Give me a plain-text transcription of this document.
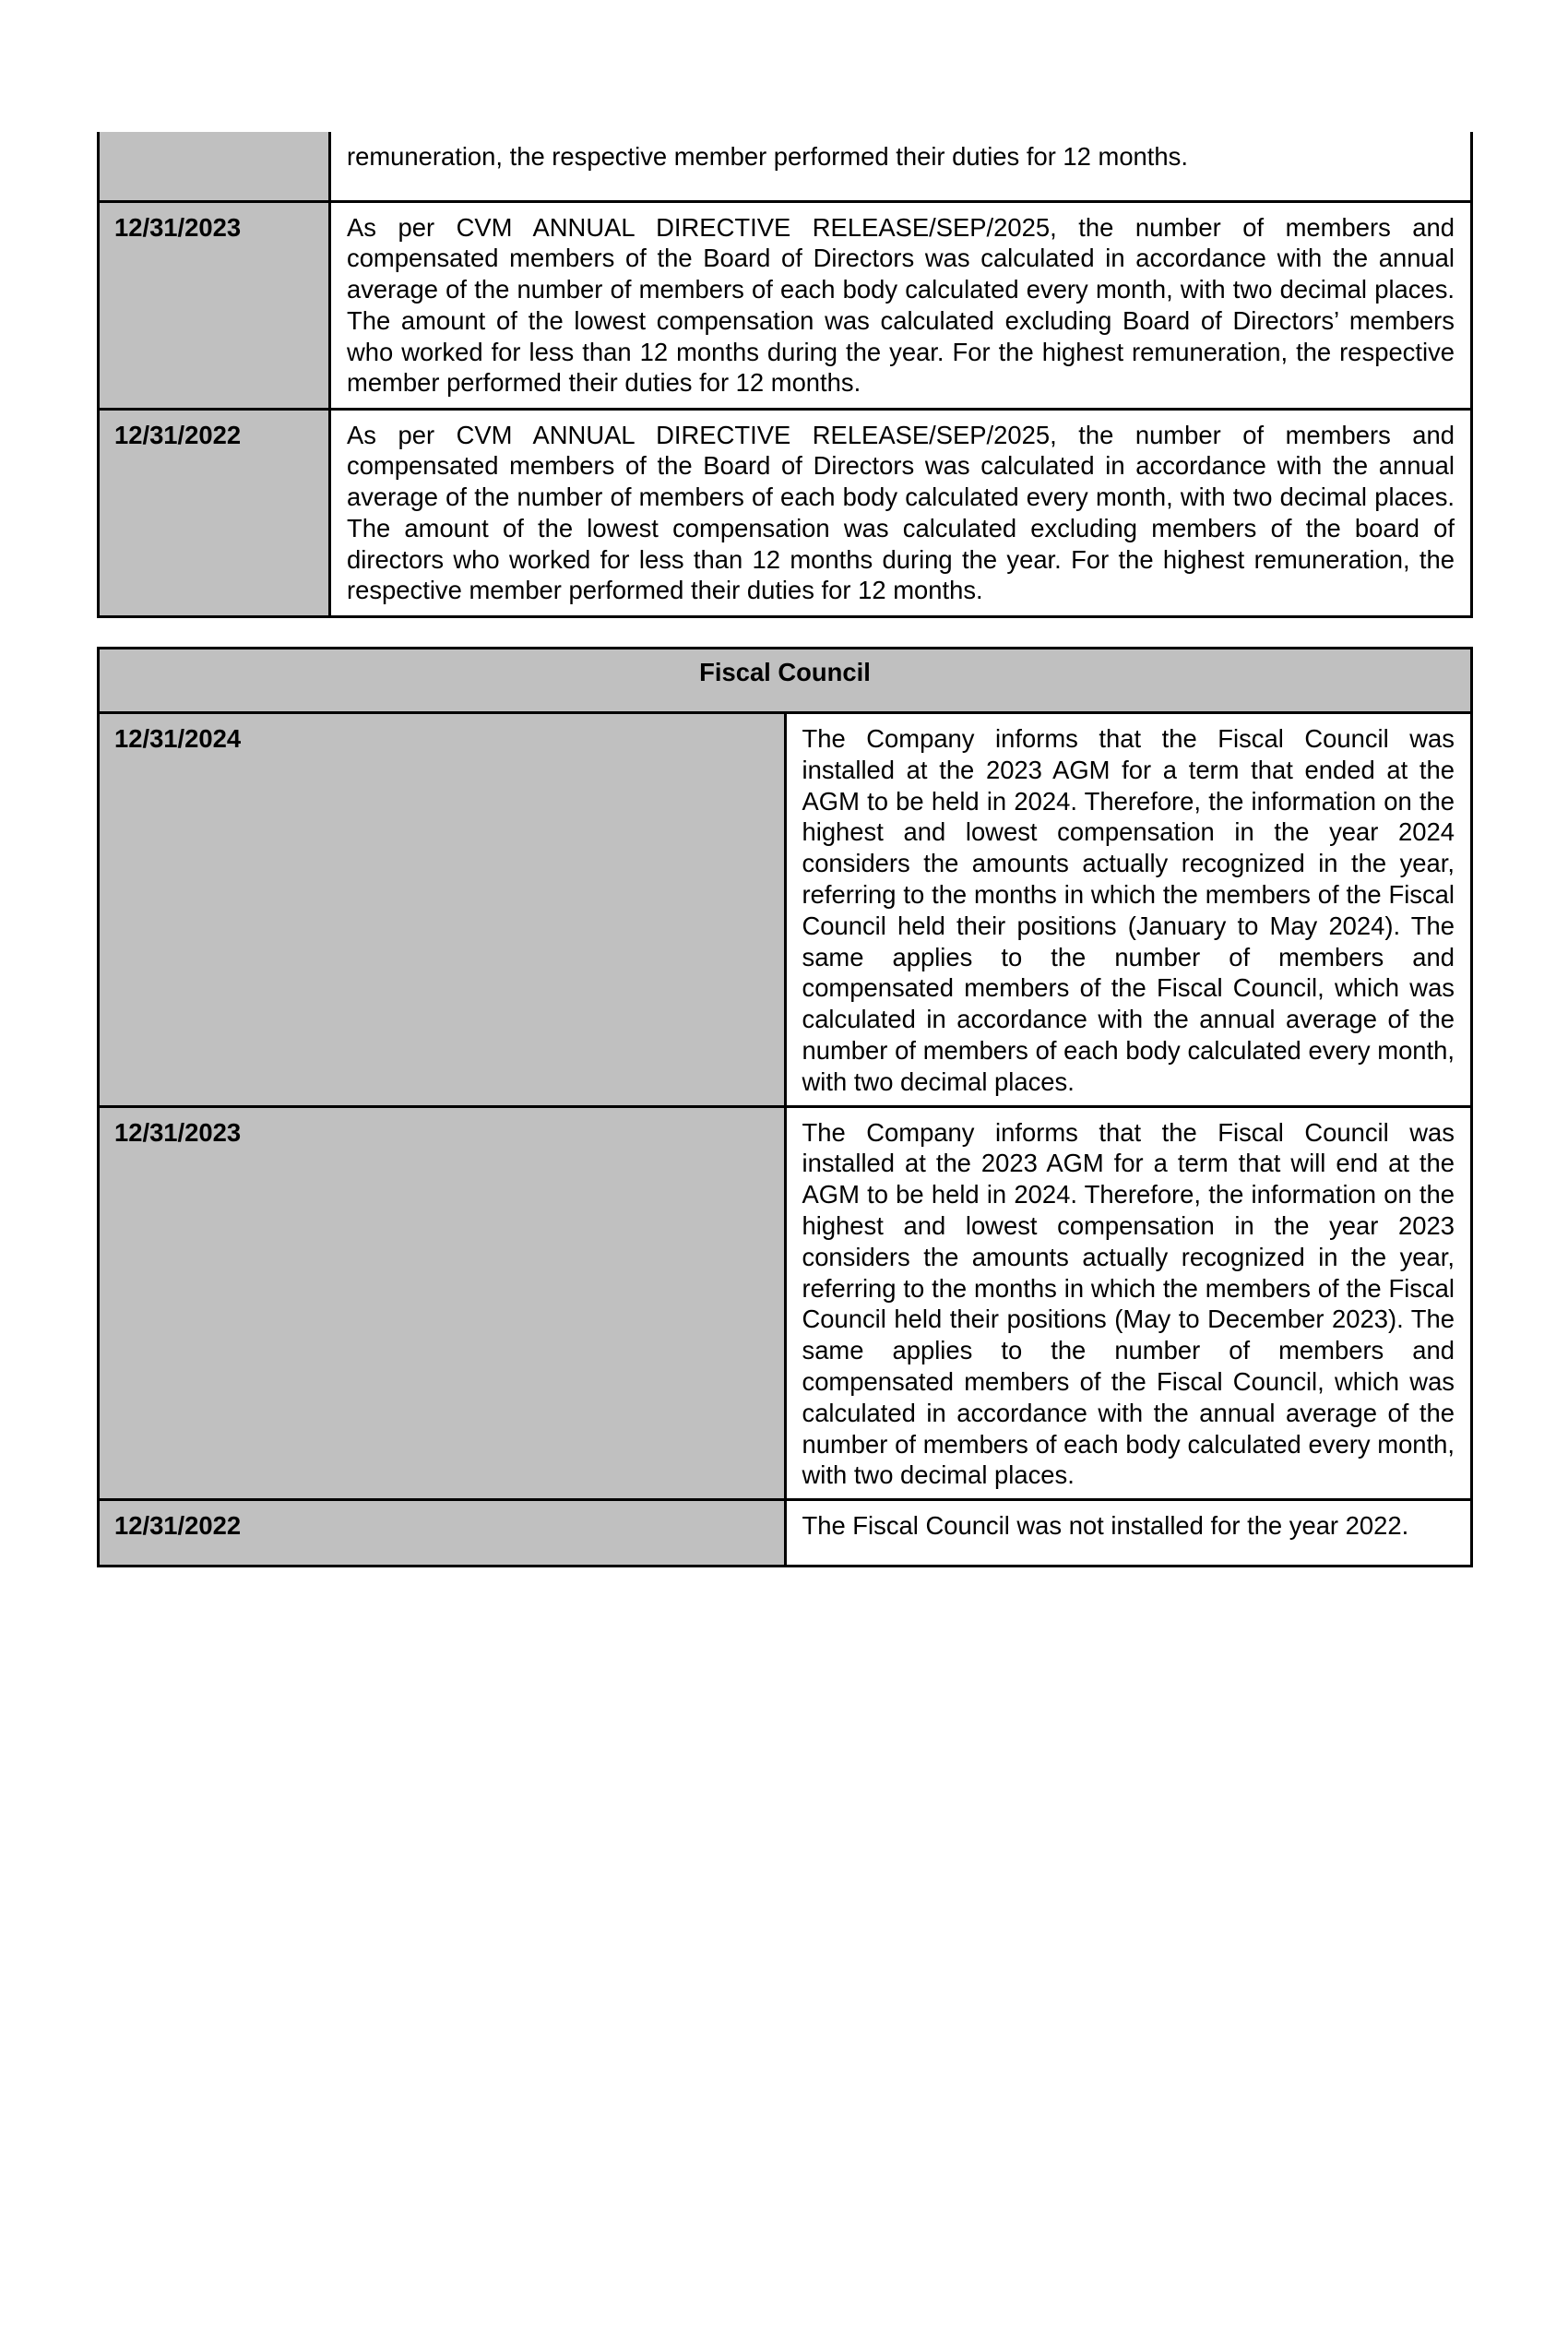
	remuneration, the respective member performed their duties for 12 months.
12/31/2023	As per CVM ANNUAL DIRECTIVE RELEASE/SEP/2025, the number of members and compensated members of the Board of Directors was calculated in accordance with the annual average of the number of members of each body calculated every month, with two decimal places. The amount of the lowest compensation was calculated excluding Board of Directors’ members who worked for less than 12 months during the year. For the highest remuneration, the respective member performed their duties for 12 months.
12/31/2022	As per CVM ANNUAL DIRECTIVE RELEASE/SEP/2025, the number of members and compensated members of the Board of Directors was calculated in accordance with the annual average of the number of members of each body calculated every month, with two decimal places. The amount of the lowest compensation was calculated excluding members of the board of directors who worked for less than 12 months during the year. For the highest remuneration, the respective member performed their duties for 12 months.
Fiscal Council	
12/31/2024	The Company informs that the Fiscal Council was installed at the 2023 AGM for a term that ended at the AGM to be held in 2024. Therefore, the information on the highest and lowest compensation in the year 2024 considers the amounts actually recognized in the year, referring to the months in which the members of the Fiscal Council held their positions (January to May 2024). The same applies to the number of members and compensated members of the Fiscal Council, which was calculated in accordance with the annual average of the number of members of each body calculated every month, with two decimal places.
12/31/2023	The Company informs that the Fiscal Council was installed at the 2023 AGM for a term that will end at the AGM to be held in 2024. Therefore, the information on the highest and lowest compensation in the year 2023 considers the amounts actually recognized in the year, referring to the months in which the members of the Fiscal Council held their positions (May to December 2023). The same applies to the number of members and compensated members of the Fiscal Council, which was calculated in accordance with the annual average of the number of members of each body calculated every month, with two decimal places.
12/31/2022	The Fiscal Council was not installed for the year 2022.
